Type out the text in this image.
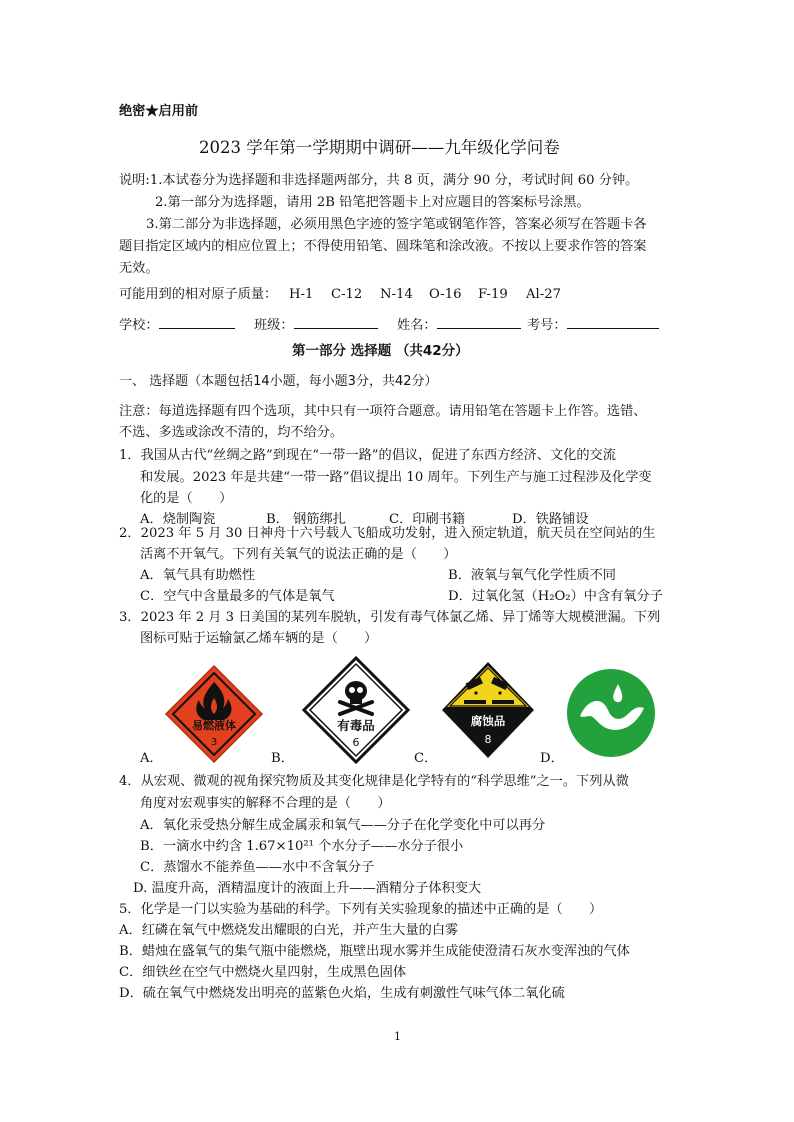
绝密★启用前
2023 学年第一学期期中调研——九年级化学问卷
说明:1.本试卷分为选择题和非选择题两部分，共 8 页，满分 90 分，考试时间 60 分钟。
2.第一部分为选择题，请用 2B 铅笔把答题卡上对应题目的答案标号涂黑。
3.第二部分为非选择题，必须用黑色字迹的签字笔或钢笔作答，答案必须写在答题卡各
题目指定区域内的相应位置上；不得使用铅笔、圆珠笔和涂改液。不按以上要求作答的答案
无效。
可能用到的相对原子质量： H-1 C-12 N-14 O-16 F-19 Al-27
学校：	班级：	姓名：	考号：
第一部分 选择题 （共42分）
一、 选择题（本题包括14小题，每小题3分，共42分）
注意：每道选择题有四个选项，其中只有一项符合题意。请用铅笔在答题卡上作答。选错、
不选、多选或涂改不清的，均不给分。
1．我国从古代“丝绸之路”到现在“一带一路”的倡议，促进了东西方经济、文化的交流
和发展。2023 年是共建“一带一路”倡议提出 10 周年。下列生产与施工过程涉及化学变
化的是（　　）
A．烧制陶瓷	B． 钢筋绑扎	C．印刷书籍	D．铁路铺设
2．2023 年 5 月 30 日神舟十六号载人飞船成功发射，进入预定轨道，航天员在空间站的生
活离不开氧气。下列有关氧气的说法正确的是（　　）
A．氧气具有助燃性	B．液氧与氧气化学性质不同
C．空气中含量最多的气体是氧气	D．过氧化氢（H₂O₂）中含有氧分子
3．2023 年 2 月 3 日美国的某列车脱轨，引发有毒气体氯乙烯、异丁烯等大规模泄漏。下列
图标可贴于运输氯乙烯车辆的是（　　）
易燃液体
3
有毒品
6
腐蚀品
8
A．	B．	C．	D．
4．从宏观、微观的视角探究物质及其变化规律是化学特有的“科学思维”之一。下列从微
角度对宏观事实的解释不合理的是（　　）
A．氧化汞受热分解生成金属汞和氧气——分子在化学变化中可以再分
B．一滴水中约含 1.67×10²¹ 个水分子——水分子很小
C．蒸馏水不能养鱼——水中不含氧分子
D. 温度升高，酒精温度计的液面上升——酒精分子体积变大
5．化学是一门以实验为基础的科学。下列有关实验现象的描述中正确的是（　　）
A．红磷在氧气中燃烧发出耀眼的白光，并产生大量的白雾
B．蜡烛在盛氧气的集气瓶中能燃烧，瓶壁出现水雾并生成能使澄清石灰水变浑浊的气体
C．细铁丝在空气中燃烧火星四射，生成黑色固体
D．硫在氧气中燃烧发出明亮的蓝紫色火焰，生成有刺激性气味气体二氧化硫
1
